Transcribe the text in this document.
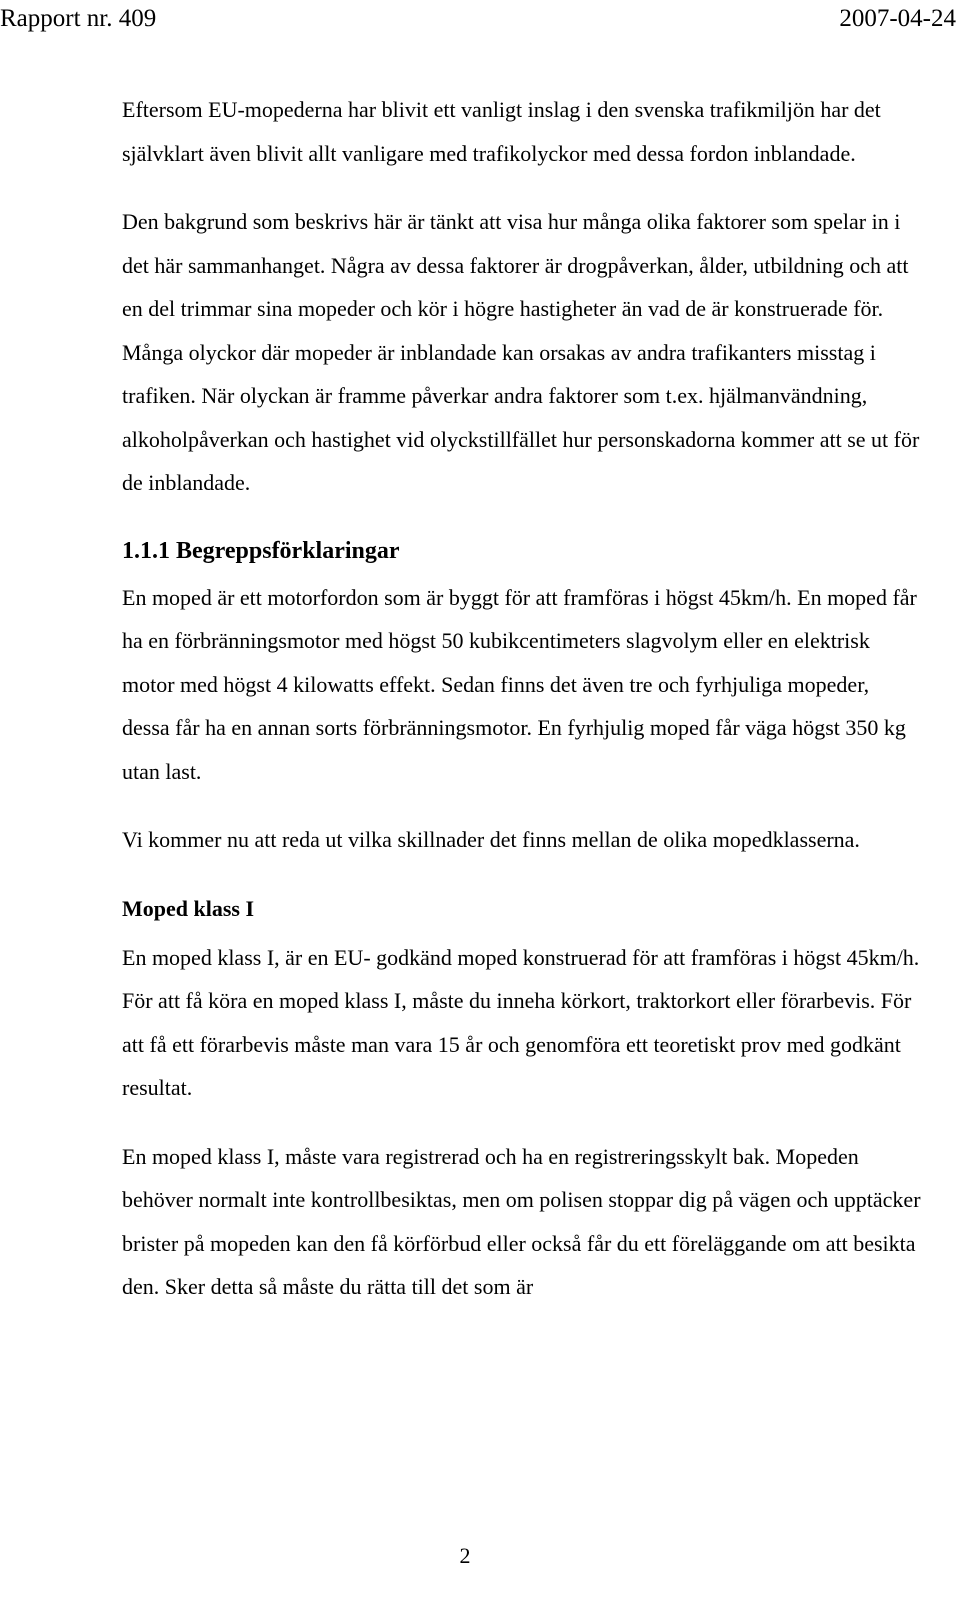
Rapport nr. 409	2007-04-24

Eftersom EU-mopederna har blivit ett vanligt inslag i den svenska trafikmiljön har det självklart även blivit allt vanligare med trafikolyckor med dessa fordon inblandade.

Den bakgrund som beskrivs här är tänkt att visa hur många olika faktorer som spelar in i det här sammanhanget. Några av dessa faktorer är drogpåverkan, ålder, utbildning och att en del trimmar sina mopeder och kör i högre hastigheter än vad de är konstruerade för. Många olyckor där mopeder är inblandade kan orsakas av andra trafikanters misstag i trafiken. När olyckan är framme påverkar andra faktorer som t.ex. hjälmanvändning, alkoholpåverkan och hastighet vid olyckstillfället hur personskadorna kommer att se ut för de inblandade.

1.1.1 Begreppsförklaringar

En moped är ett motorfordon som är byggt för att framföras i högst 45km/h. En moped får ha en förbränningsmotor med högst 50 kubikcentimeters slagvolym eller en elektrisk motor med högst 4 kilowatts effekt. Sedan finns det även tre och fyrhjuliga mopeder, dessa får ha en annan sorts förbränningsmotor. En fyrhjulig moped får väga högst 350 kg utan last.

Vi kommer nu att reda ut vilka skillnader det finns mellan de olika mopedklasserna.

Moped klass I

En moped klass I, är en EU- godkänd moped konstruerad för att framföras i högst 45km/h. För att få köra en moped klass I, måste du inneha körkort, traktorkort eller förarbevis. För att få ett förarbevis måste man vara 15 år och genomföra ett teoretiskt prov med godkänt resultat.

En moped klass I, måste vara registrerad och ha en registreringsskylt bak. Mopeden behöver normalt inte kontrollbesiktas, men om polisen stoppar dig på vägen och upptäcker brister på mopeden kan den få körförbud eller också får du ett föreläggande om att besikta den. Sker detta så måste du rätta till det som är

2
